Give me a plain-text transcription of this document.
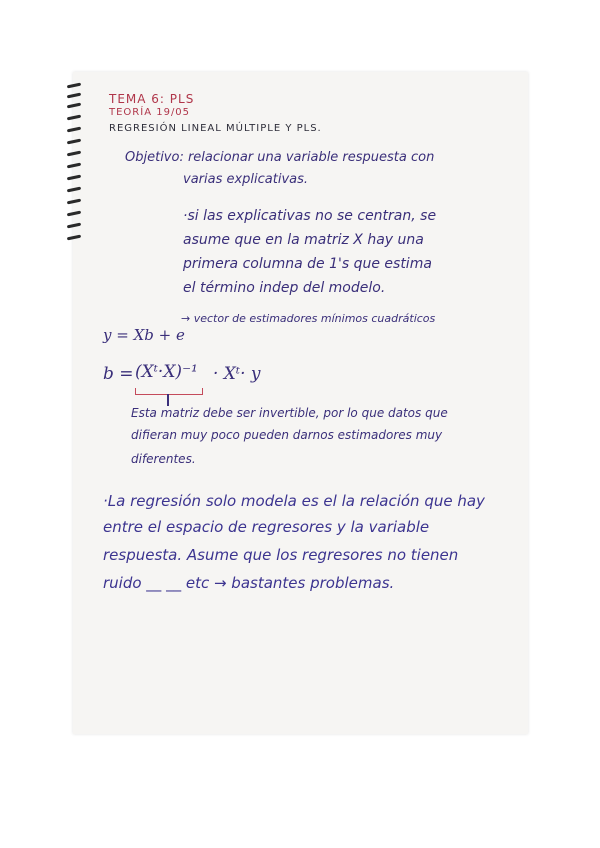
TEMA 6: PLS
TEORÍA 19/05
REGRESIÓN LINEAL MÚLTIPLE Y PLS.
Objetivo: relacionar una variable respuesta con
varias explicativas.
·si las explicativas no se centran, se
asume que en la matriz X hay una
primera columna de 1's que estima
el término indep del modelo.
y = Xb + e
→ vector de estimadores mínimos cuadráticos
b = (Xᵗ·X)⁻¹ · Xᵗ· y
Esta matriz debe ser invertible, por lo que datos que
difieran muy poco pueden darnos estimadores muy
diferentes.
·La regresión solo modela es el la relación que hay
entre el espacio de regresores y la variable
respuesta. Asume que los regresores no tienen
ruido __ __ etc → bastantes problemas.
